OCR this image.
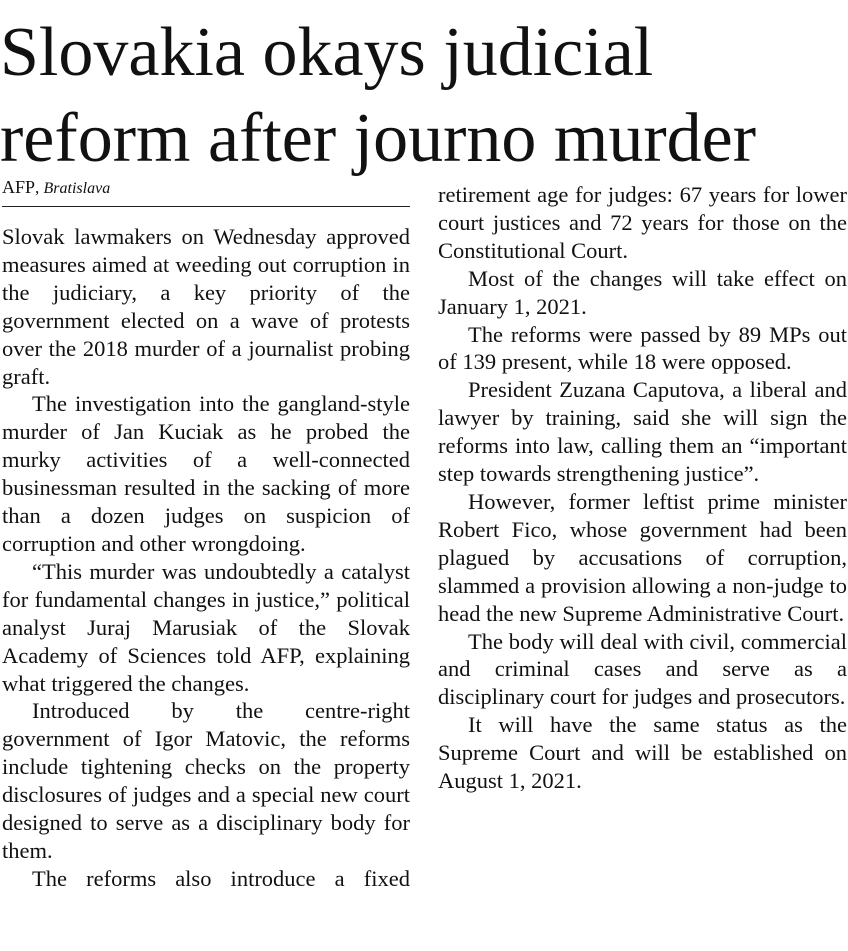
Slovakia okays judicial reform after journo murder
AFP, Bratislava

Slovak lawmakers on Wednesday approved measures aimed at weeding out corruption in the judiciary, a key priority of the government elected on a wave of protests over the 2018 murder of a journalist probing graft.

The investigation into the gangland-style murder of Jan Kuciak as he probed the murky activities of a well-connected businessman resulted in the sacking of more than a dozen judges on suspicion of corruption and other wrongdoing.

“This murder was undoubtedly a catalyst for fundamental changes in justice,” political analyst Juraj Marusiak of the Slovak Academy of Sciences told AFP, explaining what triggered the changes.

Introduced by the centre-right government of Igor Matovic, the reforms include tightening checks on the property disclosures of judges and a special new court designed to serve as a disciplinary body for them.

The reforms also introduce a fixed

retirement age for judges: 67 years for lower court justices and 72 years for those on the Constitutional Court.

Most of the changes will take effect on January 1, 2021.

The reforms were passed by 89 MPs out of 139 present, while 18 were opposed.

President Zuzana Caputova, a liberal and lawyer by training, said she will sign the reforms into law, calling them an “important step towards strengthening justice”.

However, former leftist prime minister Robert Fico, whose government had been plagued by accusations of corruption, slammed a provision allowing a non-judge to head the new Supreme Administrative Court.

The body will deal with civil, commercial and criminal cases and serve as a disciplinary court for judges and prosecutors.

It will have the same status as the Supreme Court and will be established on August 1, 2021.
